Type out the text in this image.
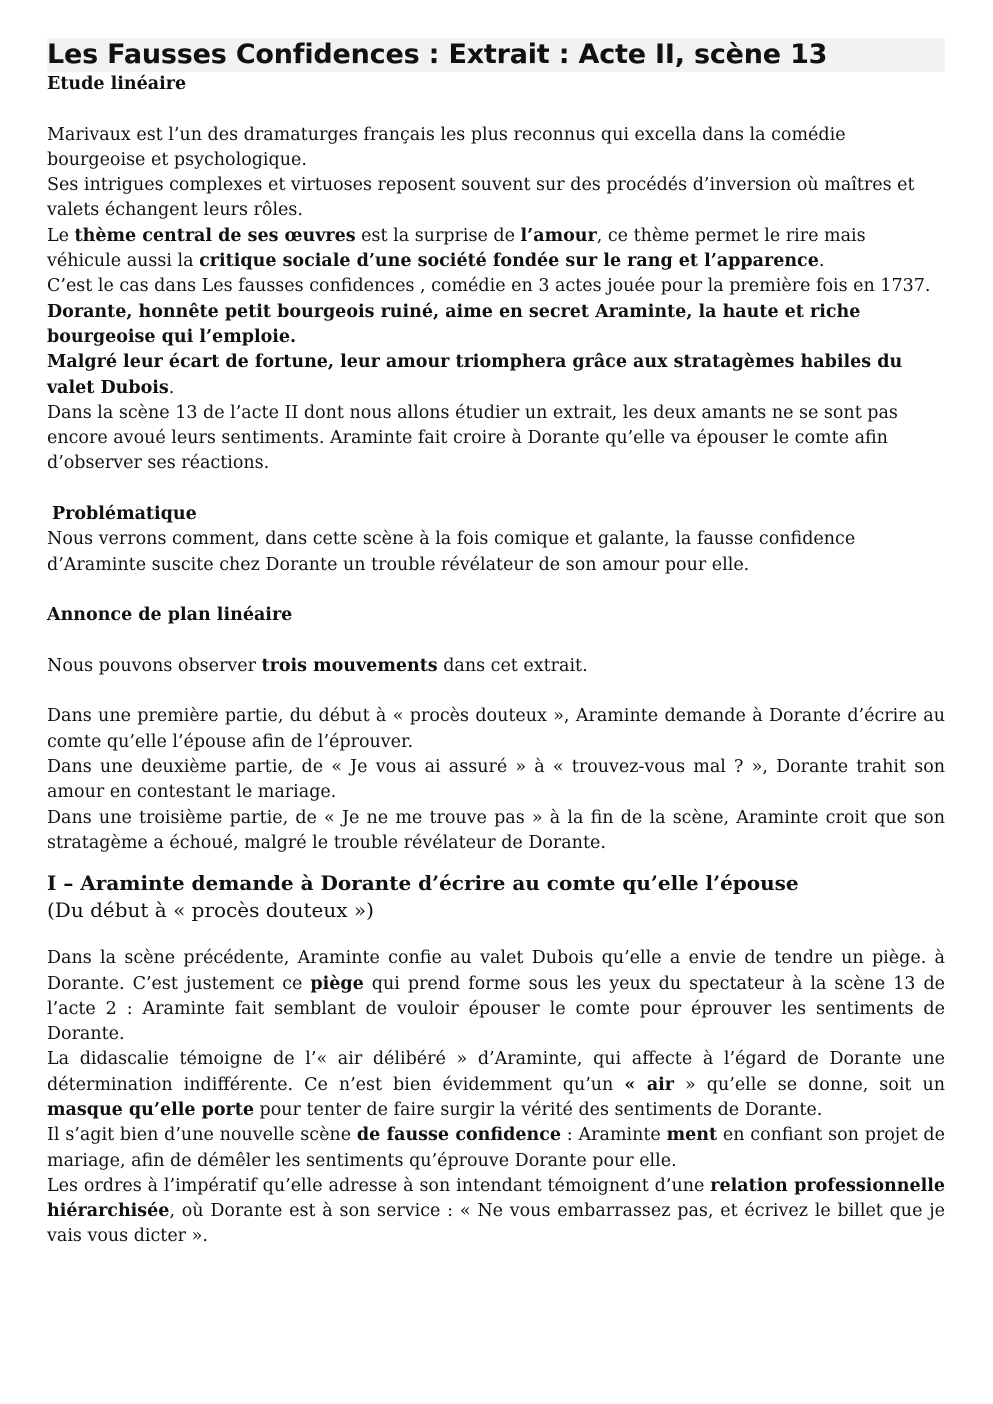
Les Fausses Confidences : Extrait : Acte II, scène 13

Etude linéaire

Marivaux est l’un des dramaturges français les plus reconnus qui excella dans la comédie bourgeoise et psychologique.

Ses intrigues complexes et virtuoses reposent souvent sur des procédés d’inversion où maîtres et valets échangent leurs rôles.

Le thème central de ses œuvres est la surprise de l’amour, ce thème permet le rire mais véhicule aussi la critique sociale d’une société fondée sur le rang et l’apparence.

C’est le cas dans Les fausses confidences , comédie en 3 actes jouée pour la première fois en 1737.

Dorante, honnête petit bourgeois ruiné, aime en secret Araminte, la haute et riche bourgeoise qui l’emploie.

Malgré leur écart de fortune, leur amour triomphera grâce aux stratagèmes habiles du valet Dubois.

Dans la scène 13 de l’acte II dont nous allons étudier un extrait, les deux amants ne se sont pas encore avoué leurs sentiments. Araminte fait croire à Dorante qu’elle va épouser le comte afin d’observer ses réactions.

Problématique

Nous verrons comment, dans cette scène à la fois comique et galante, la fausse confidence d’Araminte suscite chez Dorante un trouble révélateur de son amour pour elle.

Annonce de plan linéaire

Nous pouvons observer trois mouvements dans cet extrait.

Dans une première partie, du début à « procès douteux », Araminte demande à Dorante d’écrire au comte qu’elle l’épouse afin de l’éprouver.

Dans une deuxième partie, de « Je vous ai assuré » à « trouvez-vous mal ? », Dorante trahit son amour en contestant le mariage.

Dans une troisième partie, de « Je ne me trouve pas » à la fin de la scène, Araminte croit que son stratagème a échoué, malgré le trouble révélateur de Dorante.

I – Araminte demande à Dorante d’écrire au comte qu’elle l’épouse

(Du début à « procès douteux »)

Dans la scène précédente, Araminte confie au valet Dubois qu’elle a envie de tendre un piège. à Dorante. C’est justement ce piège qui prend forme sous les yeux du spectateur à la scène 13 de l’acte 2 : Araminte fait semblant de vouloir épouser le comte pour éprouver les sentiments de Dorante.

La didascalie témoigne de l’« air délibéré » d’Araminte, qui affecte à l’égard de Dorante une détermination indifférente. Ce n’est bien évidemment qu’un « air » qu’elle se donne, soit un masque qu’elle porte pour tenter de faire surgir la vérité des sentiments de Dorante.

Il s’agit bien d’une nouvelle scène de fausse confidence : Araminte ment en confiant son projet de mariage, afin de démêler les sentiments qu’éprouve Dorante pour elle.

Les ordres à l’impératif qu’elle adresse à son intendant témoignent d’une relation professionnelle hiérarchisée, où Dorante est à son service : « Ne vous embarrassez pas, et écrivez le billet que je vais vous dicter ».
